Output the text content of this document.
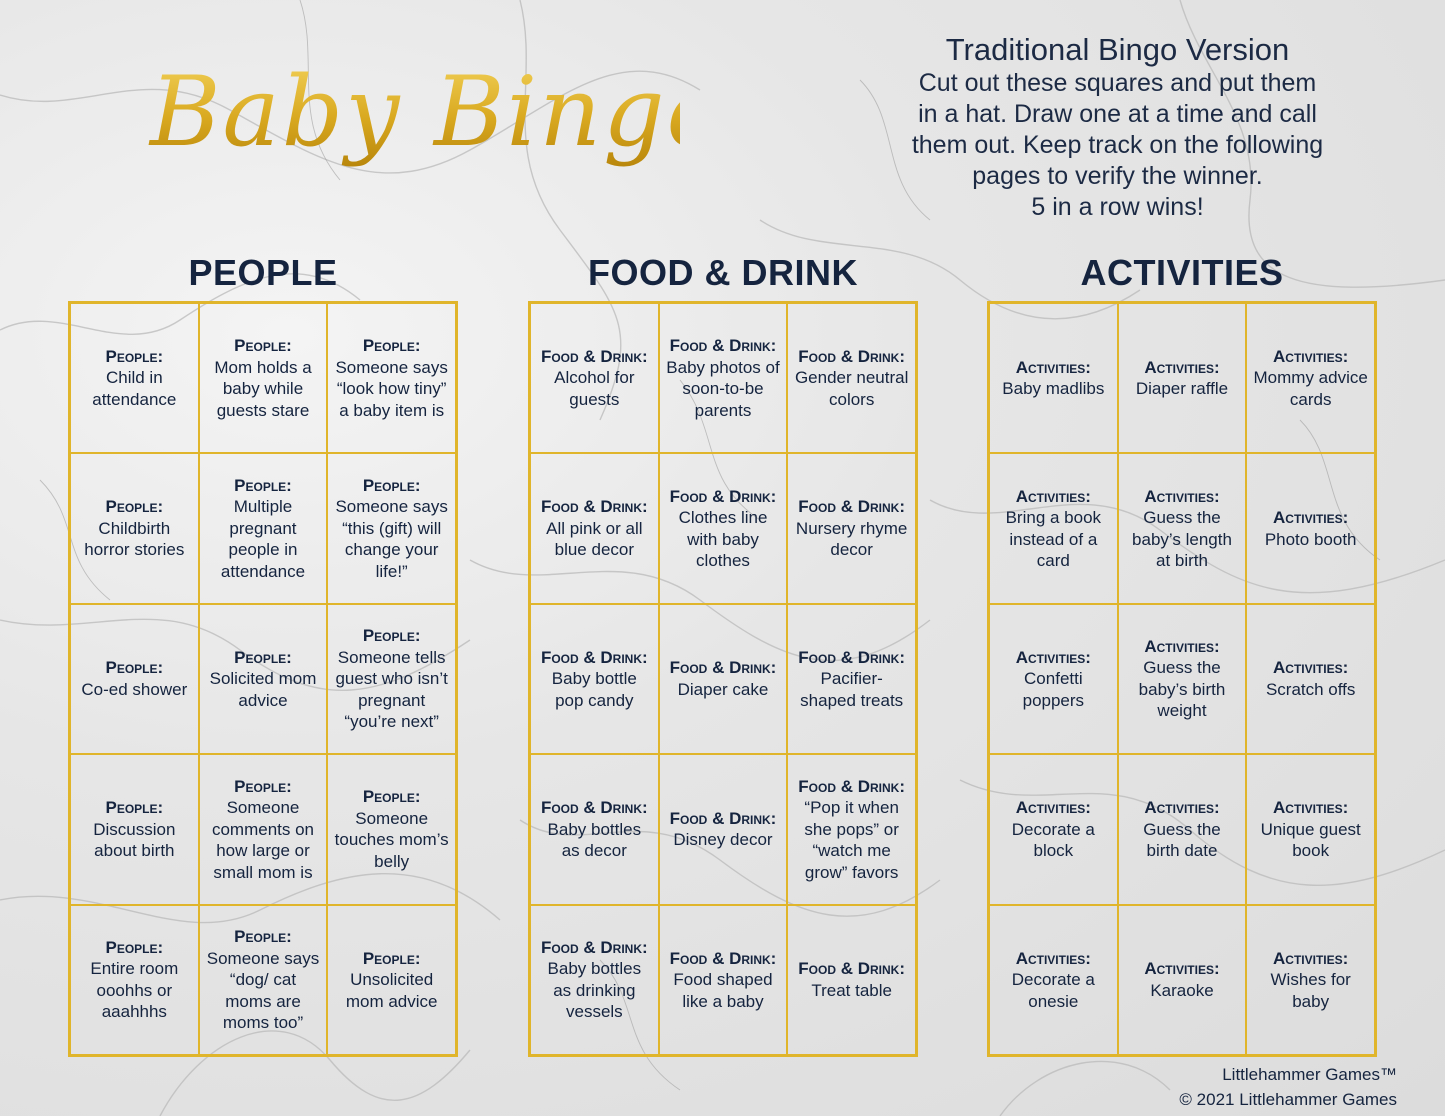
Baby Bingo
Traditional Bingo Version
Cut out these squares and put them
in a hat. Draw one at a time and call
them out. Keep track on the following
pages to verify the winner.
5 in a row wins!
PEOPLE	FOOD & DRINK	ACTIVITIES
People:
Child in attendance
People:
Mom holds a baby while guests stare
People:
Someone says “look how tiny” a baby item is
People:
Childbirth horror stories
People:
Multiple pregnant people in attendance
People:
Someone says “this (gift) will change your life!”
People:
Co-ed shower
People:
Solicited mom advice
People:
Someone tells guest who isn’t pregnant “you’re next”
People:
Discussion about birth
People:
Someone comments on how large or small mom is
People:
Someone touches mom’s belly
People:
Entire room ooohhs or aaahhhs
People:
Someone says “dog/ cat moms are moms too”
People:
Unsolicited mom advice
Food & Drink:
Alcohol for guests
Food & Drink:
Baby photos of soon-to-be parents
Food & Drink:
Gender neutral colors
Food & Drink:
All pink or all blue decor
Food & Drink:
Clothes line with baby clothes
Food & Drink:
Nursery rhyme decor
Food & Drink:
Baby bottle pop candy
Food & Drink:
Diaper cake
Food & Drink:
Pacifier-shaped treats
Food & Drink:
Baby bottles as decor
Food & Drink:
Disney decor
Food & Drink:
“Pop it when she pops” or “watch me grow” favors
Food & Drink:
Baby bottles as drinking vessels
Food & Drink:
Food shaped like a baby
Food & Drink:
Treat table
Activities:
Baby madlibs
Activities:
Diaper raffle
Activities:
Mommy advice cards
Activities:
Bring a book instead of a card
Activities:
Guess the baby’s length at birth
Activities:
Photo booth
Activities:
Confetti poppers
Activities:
Guess the baby’s birth weight
Activities:
Scratch offs
Activities:
Decorate a block
Activities:
Guess the birth date
Activities:
Unique guest book
Activities:
Decorate a onesie
Activities:
Karaoke
Activities:
Wishes for baby
Littlehammer Games™
© 2021 Littlehammer Games
